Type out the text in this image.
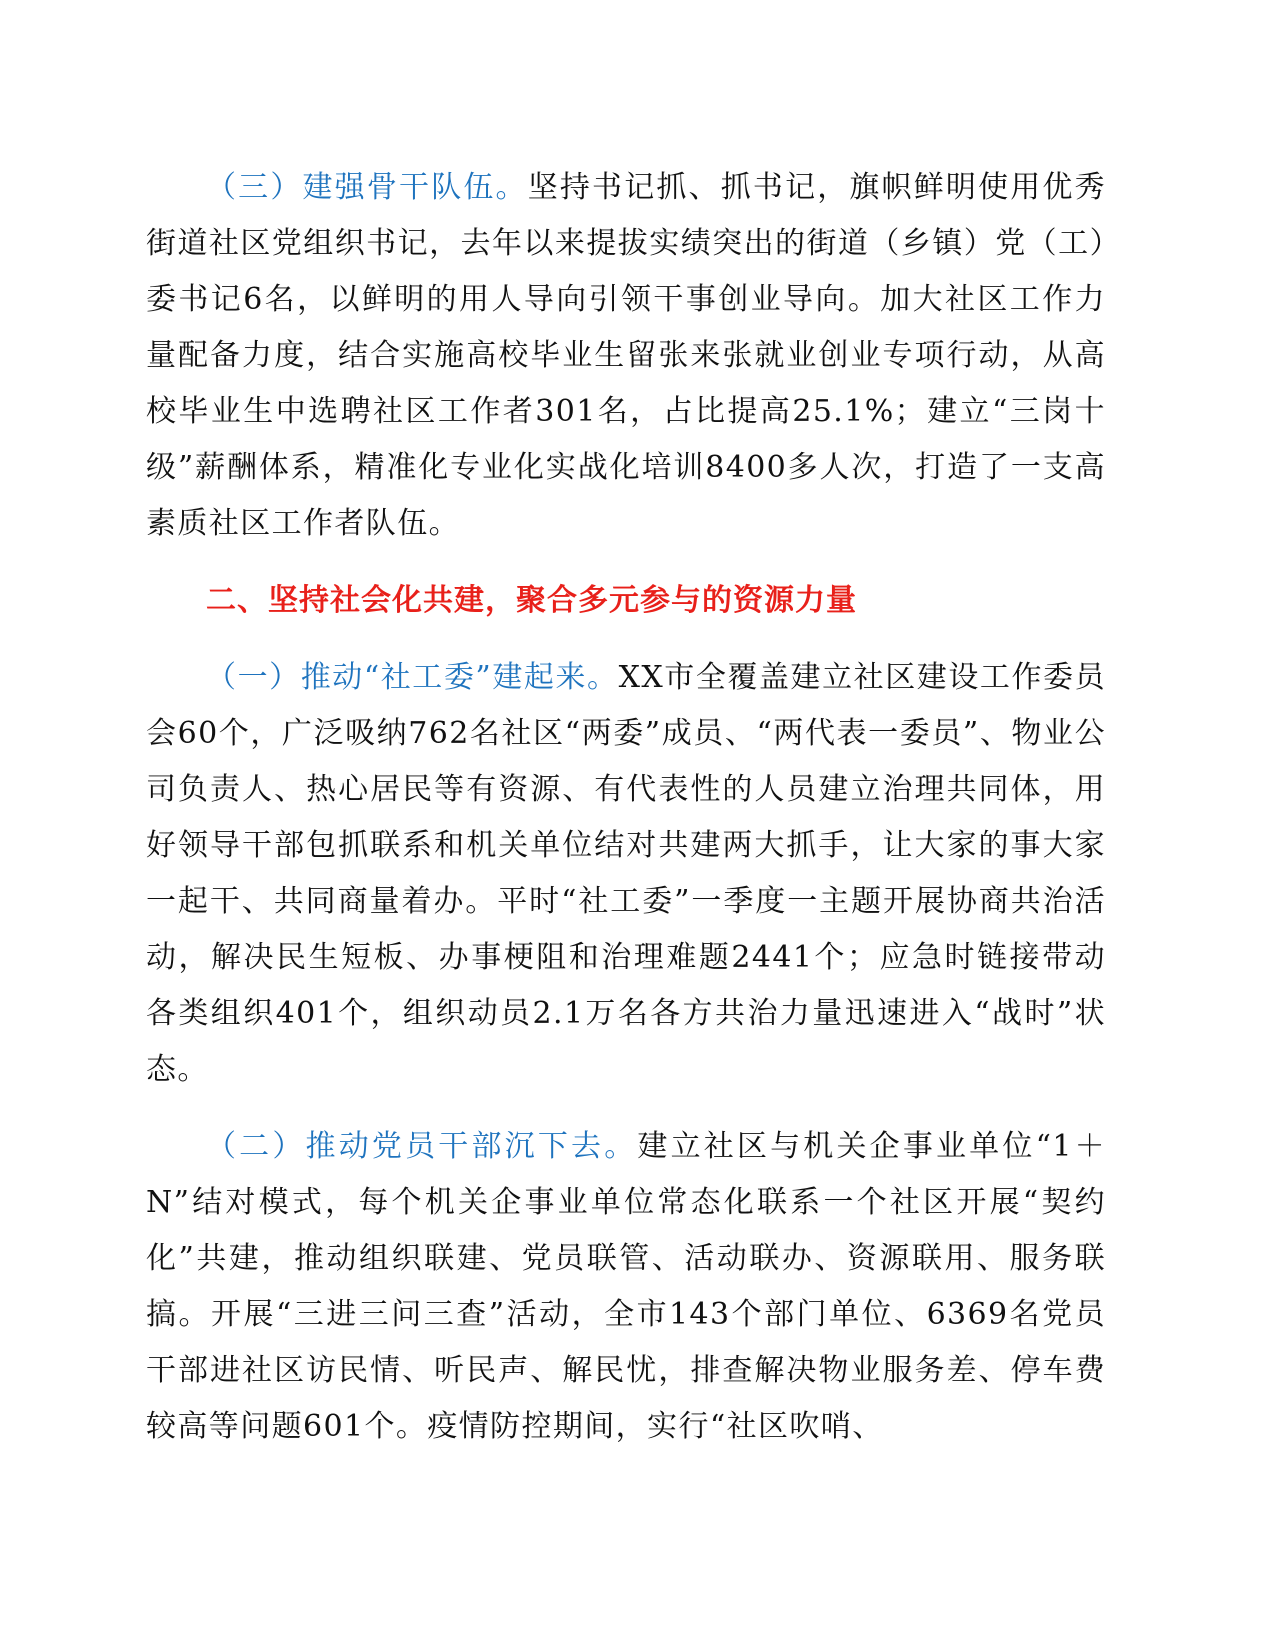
（三）建强骨干队伍。坚持书记抓、抓书记，旗帜鲜明使用优秀街道社区党组织书记，去年以来提拔实绩突出的街道（乡镇）党（工）委书记6名，以鲜明的用人导向引领干事创业导向。加大社区工作力量配备力度，结合实施高校毕业生留张来张就业创业专项行动，从高校毕业生中选聘社区工作者301名，占比提高25.1%；建立“三岗十级”薪酬体系，精准化专业化实战化培训8400多人次，打造了一支高素质社区工作者队伍。

二、坚持社会化共建，聚合多元参与的资源力量

（一）推动“社工委”建起来。XX市全覆盖建立社区建设工作委员会60个，广泛吸纳762名社区“两委”成员、“两代表一委员”、物业公司负责人、热心居民等有资源、有代表性的人员建立治理共同体，用好领导干部包抓联系和机关单位结对共建两大抓手，让大家的事大家一起干、共同商量着办。平时“社工委”一季度一主题开展协商共治活动，解决民生短板、办事梗阻和治理难题2441个；应急时链接带动各类组织401个，组织动员2.1万名各方共治力量迅速进入“战时”状态。

（二）推动党员干部沉下去。建立社区与机关企事业单位“1＋N”结对模式，每个机关企事业单位常态化联系一个社区开展“契约化”共建，推动组织联建、党员联管、活动联办、资源联用、服务联搞。开展“三进三问三查”活动，全市143个部门单位、6369名党员干部进社区访民情、听民声、解民忧，排查解决物业服务差、停车费较高等问题601个。疫情防控期间，实行“社区吹哨、
